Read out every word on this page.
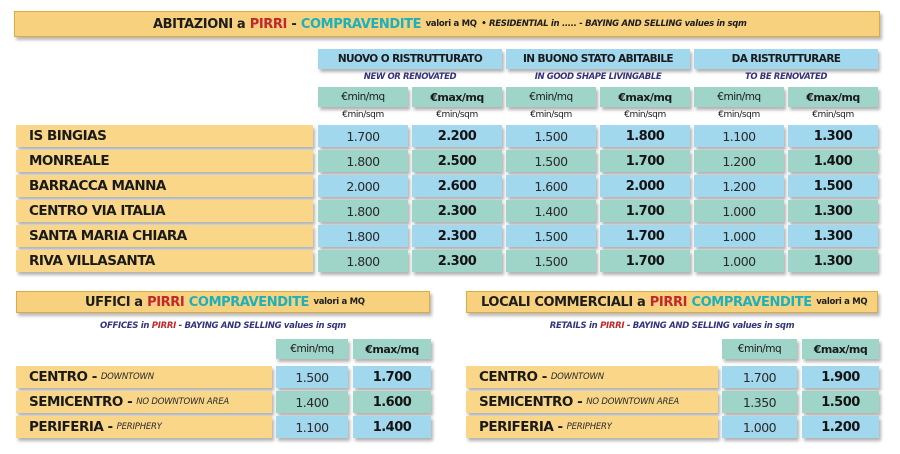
ABITAZIONI a
PIRRI
-
COMPRAVENDITE
valori a MQ
• RESIDENTIAL in ..... - BAYING AND SELLING values in sqm
NUOVO O RISTRUTTURATO	IN BUONO STATO ABITABILE	DA RISTRUTTURARE
NEW OR RENOVATED	IN GOOD SHAPE LIVINGABLE	TO BE RENOVATED
€min/mq	€max/mq	€min/mq	€max/mq	€min/mq	€max/mq
€min/sqm	€min/sqm	€min/sqm	€min/sqm	€min/sqm	€min/sqm
IS BINGIAS	1.700	2.200	1.500	1.800	1.100	1.300
MONREALE	1.800	2.500	1.500	1.700	1.200	1.400
BARRACCA MANNA	2.000	2.600	1.600	2.000	1.200	1.500
CENTRO VIA ITALIA	1.800	2.300	1.400	1.700	1.000	1.300
SANTA MARIA CHIARA	1.800	2.300	1.500	1.700	1.000	1.300
RIVA VILLASANTA	1.800	2.300	1.500	1.700	1.000	1.300
UFFICI a
PIRRI
COMPRAVENDITE
valori a MQ
OFFICES in PIRRI - BAYING AND SELLING values in sqm
€min/mq	€max/mq
CENTRO - DOWNTOWN	1.500	1.700
SEMICENTRO - NO DOWNTOWN AREA	1.400	1.600
PERIFERIA - PERIPHERY	1.100	1.400
LOCALI COMMERCIALI a
PIRRI
COMPRAVENDITE
valori a MQ
RETAILS in PIRRI - BAYING AND SELLING values in sqm
€min/mq	€max/mq
CENTRO - DOWNTOWN	1.700	1.900
SEMICENTRO - NO DOWNTOWN AREA	1.350	1.500
PERIFERIA - PERIPHERY	1.000	1.200
